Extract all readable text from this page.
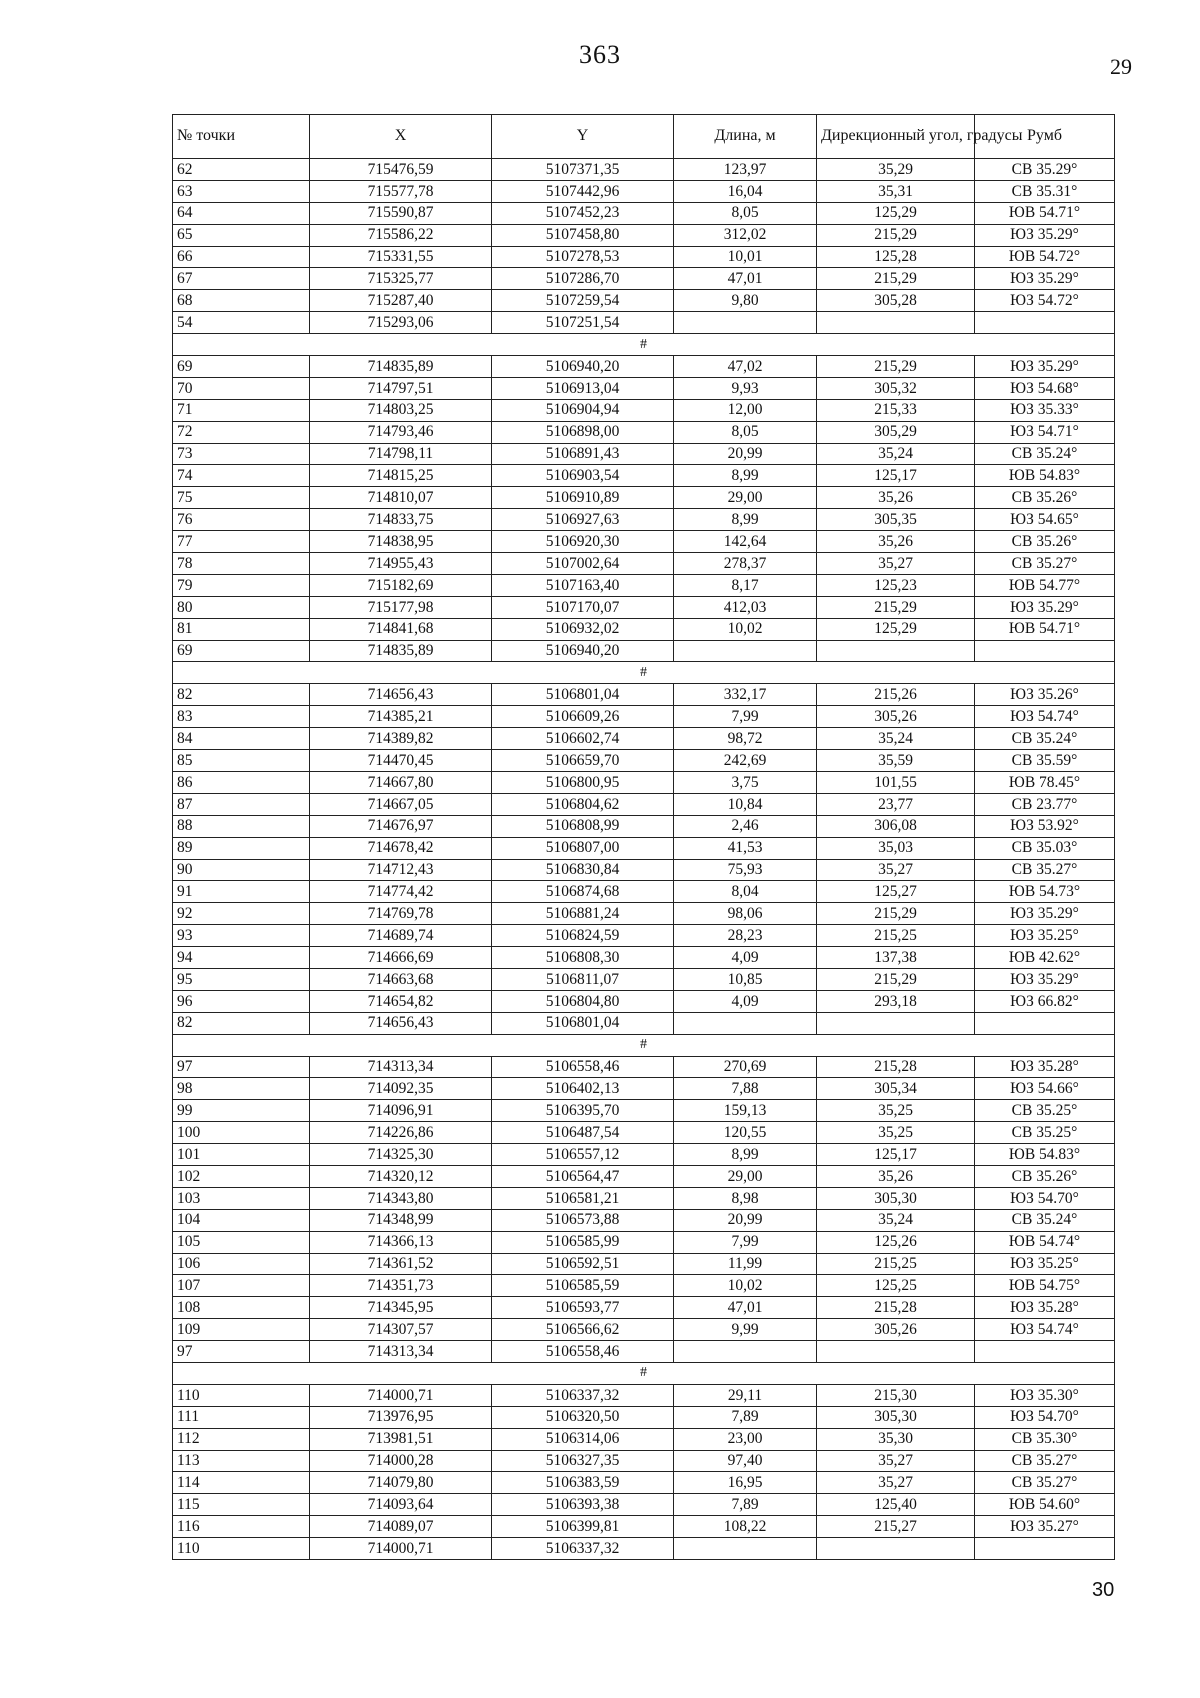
363	29
№ точки	X	Y	Длина, м	Дирекционный угол, градусы	Румб
62	715476,59	5107371,35	123,97	35,29	СВ 35.29°
63	715577,78	5107442,96	16,04	35,31	СВ 35.31°
64	715590,87	5107452,23	8,05	125,29	ЮВ 54.71°
65	715586,22	5107458,80	312,02	215,29	ЮЗ 35.29°
66	715331,55	5107278,53	10,01	125,28	ЮВ 54.72°
67	715325,77	5107286,70	47,01	215,29	ЮЗ 35.29°
68	715287,40	5107259,54	9,80	305,28	ЮЗ 54.72°
54	715293,06	5107251,54			
#					
69	714835,89	5106940,20	47,02	215,29	ЮЗ 35.29°
70	714797,51	5106913,04	9,93	305,32	ЮЗ 54.68°
71	714803,25	5106904,94	12,00	215,33	ЮЗ 35.33°
72	714793,46	5106898,00	8,05	305,29	ЮЗ 54.71°
73	714798,11	5106891,43	20,99	35,24	СВ 35.24°
74	714815,25	5106903,54	8,99	125,17	ЮВ 54.83°
75	714810,07	5106910,89	29,00	35,26	СВ 35.26°
76	714833,75	5106927,63	8,99	305,35	ЮЗ 54.65°
77	714838,95	5106920,30	142,64	35,26	СВ 35.26°
78	714955,43	5107002,64	278,37	35,27	СВ 35.27°
79	715182,69	5107163,40	8,17	125,23	ЮВ 54.77°
80	715177,98	5107170,07	412,03	215,29	ЮЗ 35.29°
81	714841,68	5106932,02	10,02	125,29	ЮВ 54.71°
69	714835,89	5106940,20			
#					
82	714656,43	5106801,04	332,17	215,26	ЮЗ 35.26°
83	714385,21	5106609,26	7,99	305,26	ЮЗ 54.74°
84	714389,82	5106602,74	98,72	35,24	СВ 35.24°
85	714470,45	5106659,70	242,69	35,59	СВ 35.59°
86	714667,80	5106800,95	3,75	101,55	ЮВ 78.45°
87	714667,05	5106804,62	10,84	23,77	СВ 23.77°
88	714676,97	5106808,99	2,46	306,08	ЮЗ 53.92°
89	714678,42	5106807,00	41,53	35,03	СВ 35.03°
90	714712,43	5106830,84	75,93	35,27	СВ 35.27°
91	714774,42	5106874,68	8,04	125,27	ЮВ 54.73°
92	714769,78	5106881,24	98,06	215,29	ЮЗ 35.29°
93	714689,74	5106824,59	28,23	215,25	ЮЗ 35.25°
94	714666,69	5106808,30	4,09	137,38	ЮВ 42.62°
95	714663,68	5106811,07	10,85	215,29	ЮЗ 35.29°
96	714654,82	5106804,80	4,09	293,18	ЮЗ 66.82°
82	714656,43	5106801,04			
#					
97	714313,34	5106558,46	270,69	215,28	ЮЗ 35.28°
98	714092,35	5106402,13	7,88	305,34	ЮЗ 54.66°
99	714096,91	5106395,70	159,13	35,25	СВ 35.25°
100	714226,86	5106487,54	120,55	35,25	СВ 35.25°
101	714325,30	5106557,12	8,99	125,17	ЮВ 54.83°
102	714320,12	5106564,47	29,00	35,26	СВ 35.26°
103	714343,80	5106581,21	8,98	305,30	ЮЗ 54.70°
104	714348,99	5106573,88	20,99	35,24	СВ 35.24°
105	714366,13	5106585,99	7,99	125,26	ЮВ 54.74°
106	714361,52	5106592,51	11,99	215,25	ЮЗ 35.25°
107	714351,73	5106585,59	10,02	125,25	ЮВ 54.75°
108	714345,95	5106593,77	47,01	215,28	ЮЗ 35.28°
109	714307,57	5106566,62	9,99	305,26	ЮЗ 54.74°
97	714313,34	5106558,46			
#					
110	714000,71	5106337,32	29,11	215,30	ЮЗ 35.30°
111	713976,95	5106320,50	7,89	305,30	ЮЗ 54.70°
112	713981,51	5106314,06	23,00	35,30	СВ 35.30°
113	714000,28	5106327,35	97,40	35,27	СВ 35.27°
114	714079,80	5106383,59	16,95	35,27	СВ 35.27°
115	714093,64	5106393,38	7,89	125,40	ЮВ 54.60°
116	714089,07	5106399,81	108,22	215,27	ЮЗ 35.27°
110	714000,71	5106337,32			
30
